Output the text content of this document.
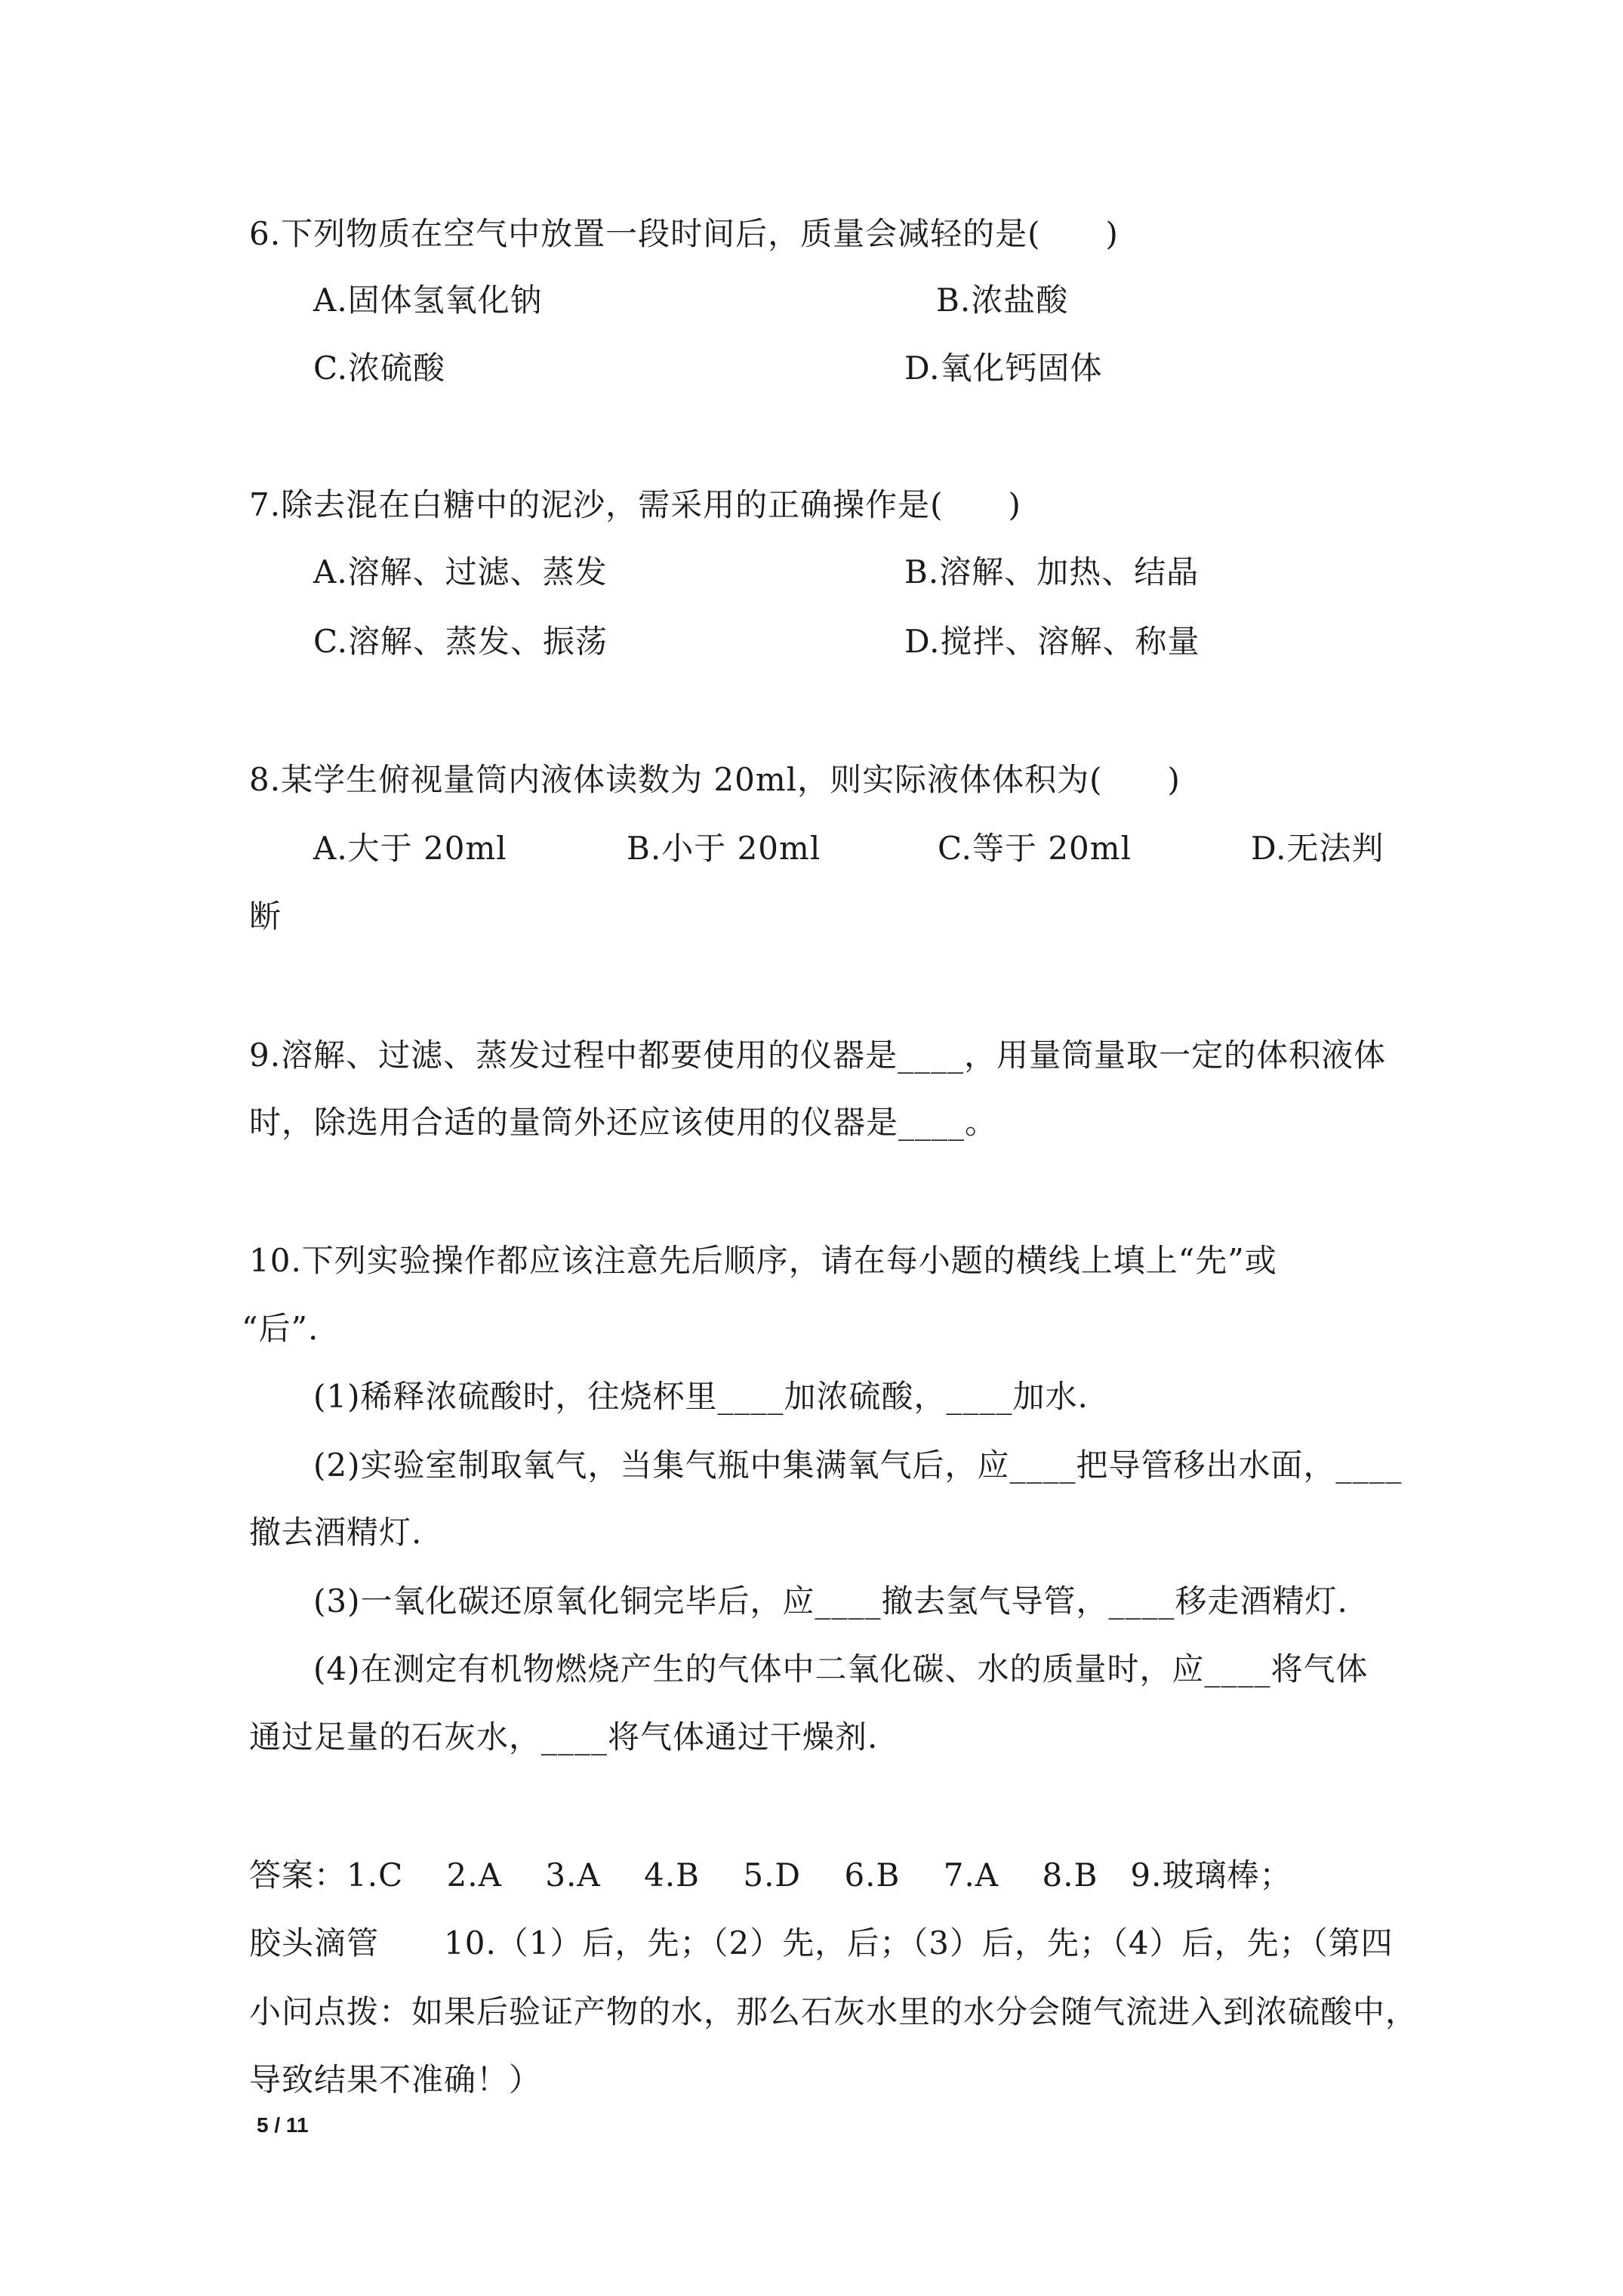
6.下列物质在空气中放置一段时间后，质量会减轻的是(　　)
A.固体氢氧化钠	B.浓盐酸
C.浓硫酸	D.氧化钙固体
7.除去混在白糖中的泥沙，需采用的正确操作是(　　)
A.溶解、过滤、蒸发	B.溶解、加热、结晶
C.溶解、蒸发、振荡	D.搅拌、溶解、称量
8.某学生俯视量筒内液体读数为 20ml，则实际液体体积为(　　)
A.大于 20ml	B.小于 20ml	C.等于 20ml	D.无法判
断
9.溶解、过滤、蒸发过程中都要使用的仪器是____，用量筒量取一定的体积液体
时，除选用合适的量筒外还应该使用的仪器是____。
10.下列实验操作都应该注意先后顺序，请在每小题的横线上填上“先”或
“后”.
(1)稀释浓硫酸时，往烧杯里____加浓硫酸，____加水.
(2)实验室制取氧气，当集气瓶中集满氧气后，应____把导管移出水面，____
撤去酒精灯.
(3)一氧化碳还原氧化铜完毕后，应____撤去氢气导管，____移走酒精灯.
(4)在测定有机物燃烧产生的气体中二氧化碳、水的质量时，应____将气体
通过足量的石灰水，____将气体通过干燥剂.
答案：1.C　 2.A　 3.A　 4.B　 5.D　 6.B　 7.A　 8.B　9.玻璃棒；
胶头滴管　　10.（1）后，先；（2）先，后；（3）后，先；（4）后，先；（第四
小问点拨：如果后验证产物的水，那么石灰水里的水分会随气流进入到浓硫酸中，
导致结果不准确！）
5 / 11
